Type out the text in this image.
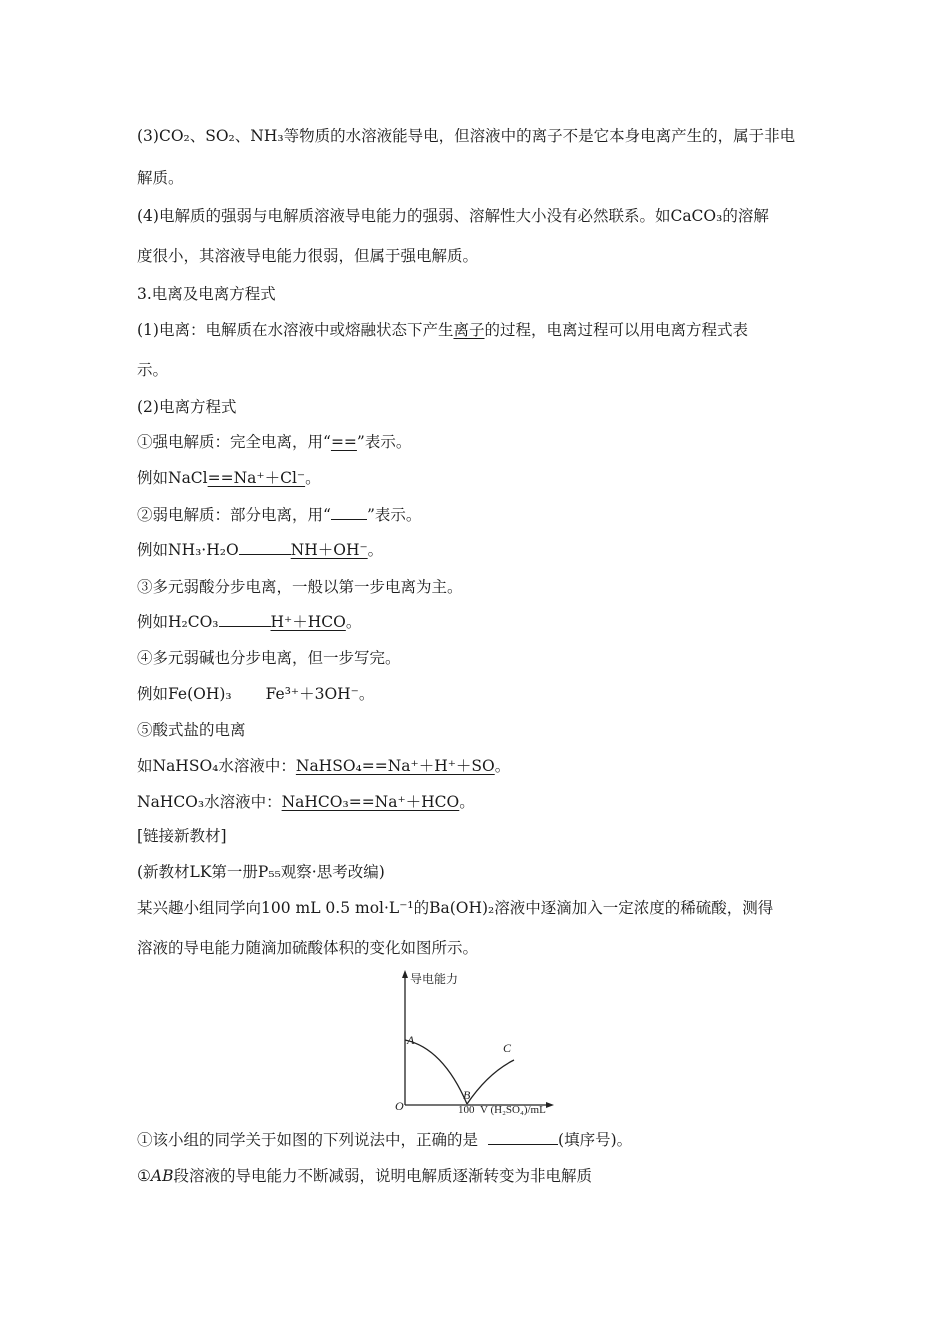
(3)CO₂、SO₂、NH₃等物质的水溶液能导电，但溶液中的离子不是它本身电离产生的，属于非电
解质。
(4)电解质的强弱与电解质溶液导电能力的强弱、溶解性大小没有必然联系。如CaCO₃的溶解
度很小，其溶液导电能力很弱，但属于强电解质。
3.电离及电离方程式
(1)电离：电解质在水溶液中或熔融状态下产生离子的过程，电离过程可以用电离方程式表
示。
(2)电离方程式
①强电解质：完全电离，用“==”表示。
例如NaCl==Na⁺＋Cl⁻。
②弱电解质：部分电离，用“ ”表示。
例如NH₃·H₂O	NH＋OH⁻。
③多元弱酸分步电离，一般以第一步电离为主。
例如H₂CO₃	H⁺＋HCO。
④多元弱碱也分步电离，但一步写完。
例如Fe(OH)₃ Fe³⁺＋3OH⁻。
⑤酸式盐的电离
如NaHSO₄水溶液中：NaHSO₄==Na⁺＋H⁺＋SO。
NaHCO₃水溶液中：NaHCO₃==Na⁺＋HCO。
[链接新教材]
(新教材LK第一册P₅₅观察·思考改编)
某兴趣小组同学向100 mL 0.5 mol·L⁻¹的Ba(OH)₂溶液中逐滴加入一定浓度的稀硫酸，测得
溶液的导电能力随滴加硫酸体积的变化如图所示。
导电能力
O	100 V (H₂SO₄)/mL
A
B
C
①该小组的同学关于如图的下列说法中，正确的是	(填序号)。
①AB段溶液的导电能力不断减弱，说明电解质逐渐转变为非电解质
